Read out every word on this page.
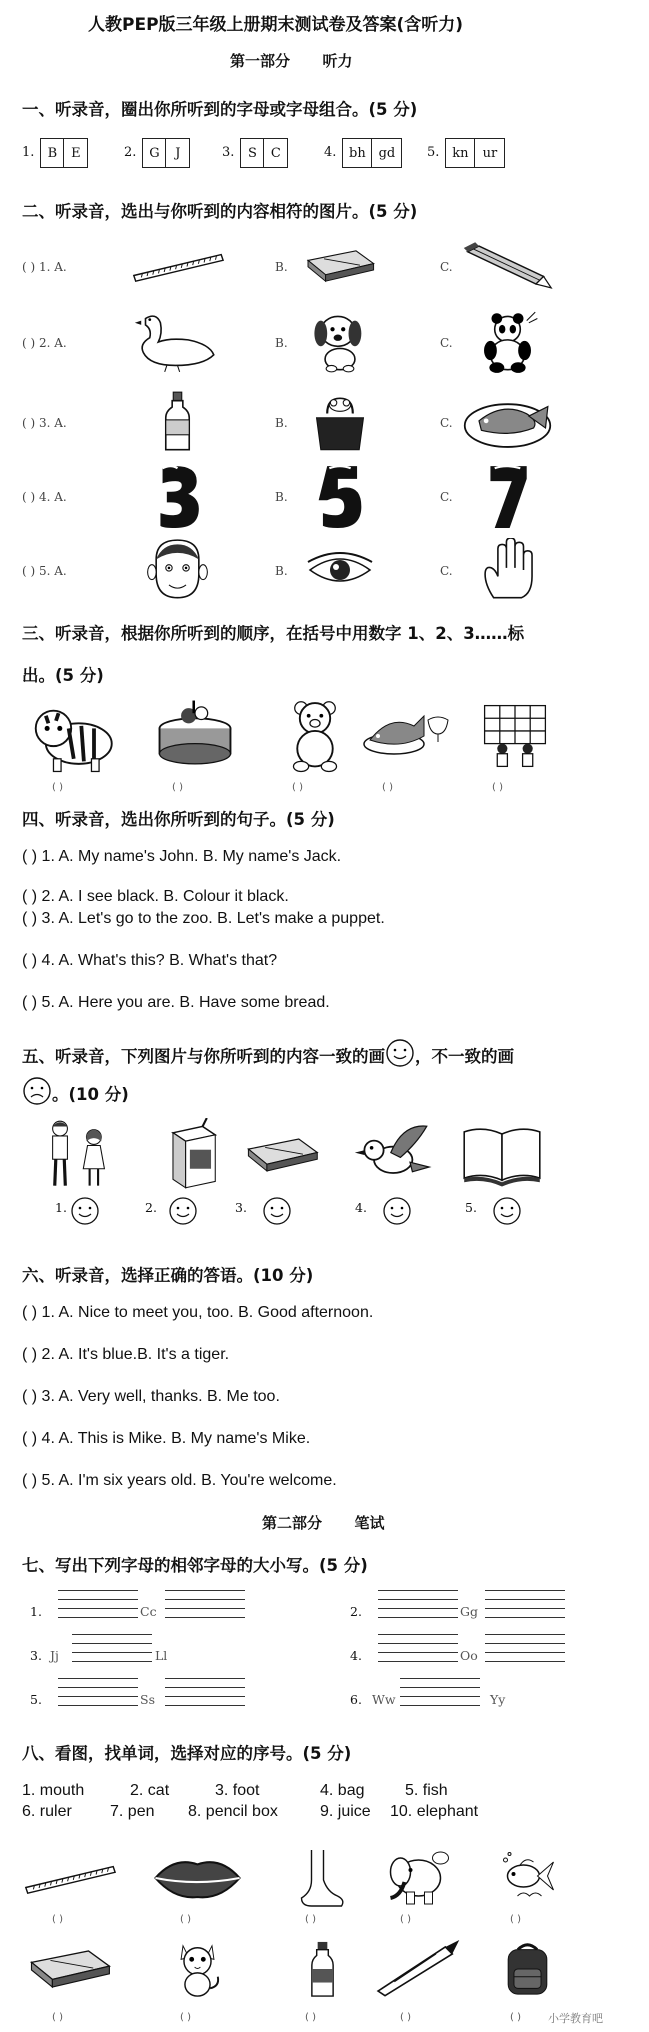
人教PEP版三年级上册期末测试卷及答案(含听力)
第一部分 听力
一、听录音，圈出你所听到的字母或字母组合。(5 分)
1.	B	E	2. G	J	3.	S	C	4. bh gd	5. kn	ur
二、听录音，选出与你听到的内容相符的图片。(5 分)
( ) 1. A.	B.	C.
( ) 2. A.	B.	C.
( ) 3. A.	B.	C.
( ) 4. A.	B.	C.
( ) 5. A.	B.	C.
三、听录音，根据你所听到的顺序，在括号中用数字 1、2、3……标
出。(5 分)
( )	( )	( )	( )	( )
四、听录音，选出你所听到的句子。(5 分)
( ) 1. A. My name's John. B. My name's Jack.
( ) 2. A. I see black. B. Colour it black.
( ) 3. A. Let's go to the zoo. B. Let's make a puppet.
( ) 4. A. What's this? B. What's that?
( ) 5. A. Here you are. B. Have some bread.
五、听录音，下列图片与你所听到的内容一致的画 ，不一致的画
。(10 分)
1.	2.	3.	4.	5.
六、听录音，选择正确的答语。(10 分)
( ) 1. A. Nice to meet you, too. B. Good afternoon.
( ) 2. A. It's blue.B. It's a tiger.
( ) 3. A. Very well, thanks. B. Me too.
( ) 4. A. This is Mike. B. My name's Mike.
( ) 5. A. I'm six years old. B. You're welcome.
第二部分 笔试
七、写出下列字母的相邻字母的大小写。(5 分)
1.	Cc	2.	Gg
3. Jj	Ll	4.	Oo
5.	Ss	6. Ww	Yy
八、看图，找单词，选择对应的序号。(5 分)
1. mouth	2. cat	3. foot	4. bag	5. fish
6. ruler 7. pen 8. pencil box	9. juice 10. elephant
( )	( )	( )	( )	( )
( )	( )	( )	( )	( ) 小学教育吧
